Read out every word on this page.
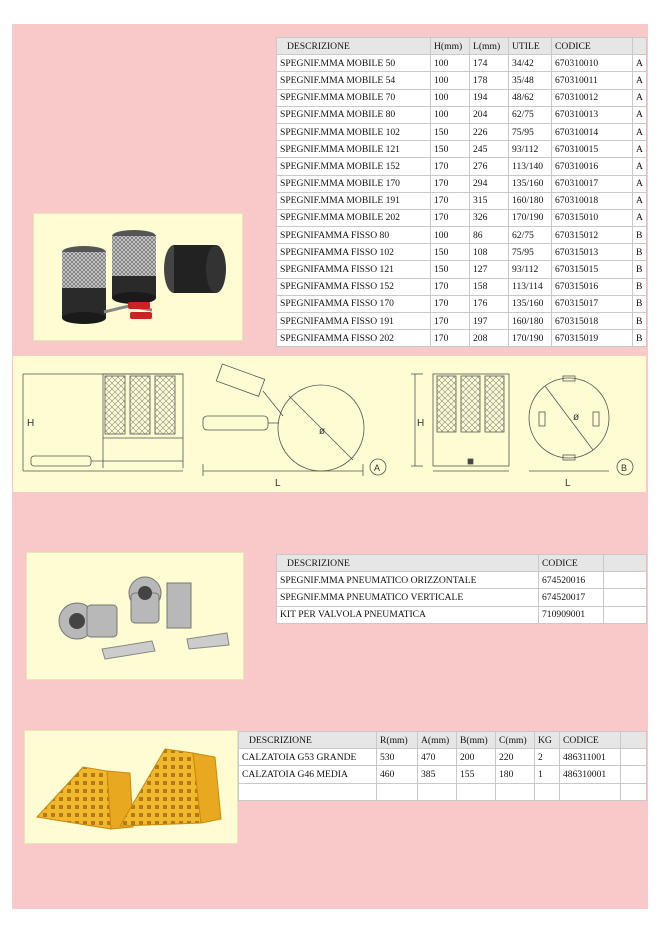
DESCRIZIONE	H(mm)	L(mm)	UTILE	CODICE	
SPEGNIF.MMA MOBILE 50	100	174	34/42	670310010	A
SPEGNIF.MMA MOBILE 54	100	178	35/48	670310011	A
SPEGNIF.MMA MOBILE 70	100	194	48/62	670310012	A
SPEGNIF.MMA MOBILE 80	100	204	62/75	670310013	A
SPEGNIF.MMA MOBILE 102	150	226	75/95	670310014	A
SPEGNIF.MMA MOBILE 121	150	245	93/112	670310015	A
SPEGNIF.MMA MOBILE 152	170	276	113/140	670310016	A
SPEGNIF.MMA MOBILE 170	170	294	135/160	670310017	A
SPEGNIF.MMA MOBILE 191	170	315	160/180	670310018	A
SPEGNIF.MMA MOBILE 202	170	326	170/190	670315010	A
SPEGNIFAMMA FISSO 80	100	86	62/75	670315012	B
SPEGNIFAMMA FISSO 102	150	108	75/95	670315013	B
SPEGNIFAMMA FISSO 121	150	127	93/112	670315015	B
SPEGNIFAMMA FISSO 152	170	158	113/114	670315016	B
SPEGNIFAMMA FISSO 170	170	176	135/160	670315017	B
SPEGNIFAMMA FISSO 191	170	197	160/180	670315018	B
SPEGNIFAMMA FISSO 202	170	208	170/190	670315019	B
H
L
ø
A
H
L
ø
B
DESCRIZIONE	CODICE	
SPEGNIF.MMA PNEUMATICO ORIZZONTALE	674520016	
SPEGNIF.MMA PNEUMATICO VERTICALE	674520017	
KIT PER VALVOLA PNEUMATICA	710909001	
DESCRIZIONE	R(mm)	A(mm)	B(mm)	C(mm)	KG	CODICE	
CALZATOIA G53 GRANDE	530	470	200	220	2	486311001	
CALZATOIA G46 MEDIA	460	385	155	180	1	486310001	
